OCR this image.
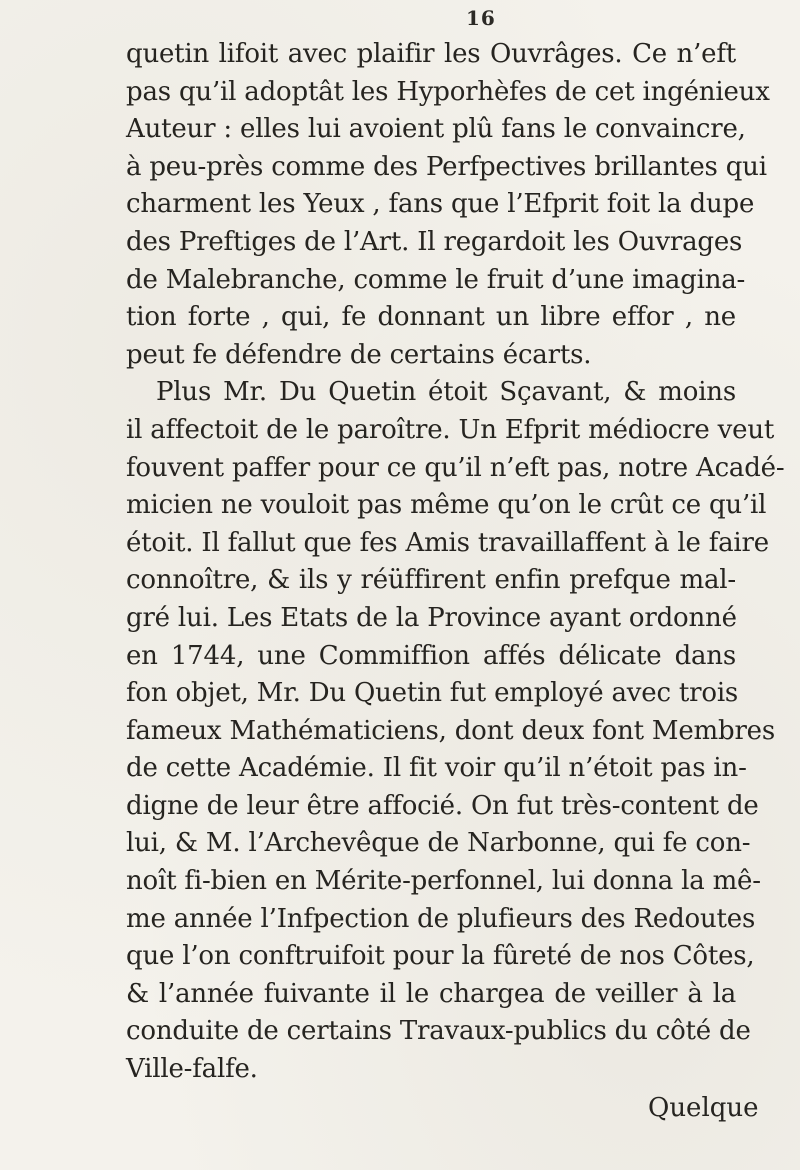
16
quetin lifoit avec plaifir les Ouvrâges. Ce n’eft
pas qu’il adoptât les Hyporhèfes de cet ingénieux
Auteur : elles lui avoient plû fans le convaincre,
à peu-près comme des Perfpectives brillantes qui
charment les Yeux , fans que l’Efprit foit la dupe
des Preftiges de l’Art. Il regardoit les Ouvrages
de Malebranche, comme le fruit d’une imagina-
tion forte , qui, fe donnant un libre effor , ne
peut fe défendre de certains écarts.
Plus Mr. Du Quetin étoit Sçavant, & moins
il affectoit de le paroître. Un Efprit médiocre veut
fouvent paffer pour ce qu’il n’eft pas, notre Acadé-
micien ne vouloit pas même qu’on le crût ce qu’il
étoit. Il fallut que fes Amis travaillaffent à le faire
connoître, & ils y réüffirent enfin prefque mal-
gré lui. Les Etats de la Province ayant ordonné
en 1744, une Commiffion affés délicate dans
fon objet, Mr. Du Quetin fut employé avec trois
fameux Mathématiciens, dont deux font Membres
de cette Académie. Il fit voir qu’il n’étoit pas in-
digne de leur être affocié. On fut très-content de
lui, & M. l’Archevêque de Narbonne, qui fe con-
noît fi-bien en Mérite-perfonnel, lui donna la mê-
me année l’Infpection de plufieurs des Redoutes
que l’on conftruifoit pour la fûreté de nos Côtes,
& l’année fuivante il le chargea de veiller à la
conduite de certains Travaux-publics du côté de
Ville-falfe.
Quelque
